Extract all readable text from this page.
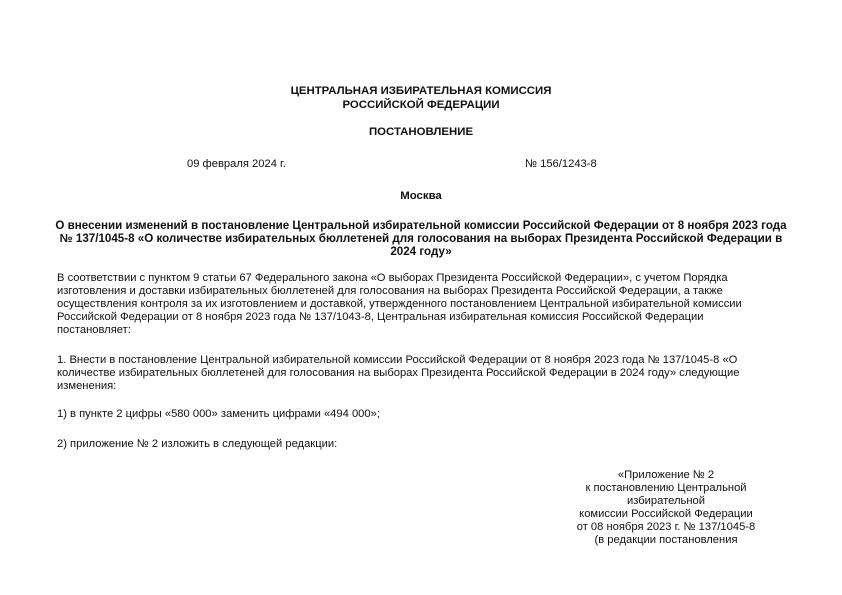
ЦЕНТРАЛЬНАЯ ИЗБИРАТЕЛЬНАЯ КОМИССИЯ
РОССИЙСКОЙ ФЕДЕРАЦИИ
ПОСТАНОВЛЕНИЕ
09 февраля 2024 г.	№ 156/1243-8
Москва
О внесении изменений в постановление Центральной избирательной комиссии Российской Федерации от 8 ноября 2023 года
№ 137/1045-8 «О количестве избирательных бюллетеней для голосования на выборах Президента Российской Федерации в
2024 году»
В соответствии с пунктом 9 статьи 67 Федерального закона «О выборах Президента Российской Федерации», с учетом Порядка изготовления и доставки избирательных бюллетеней для голосования на выборах Президента Российской Федерации, а также осуществления контроля за их изготовлением и доставкой, утвержденного постановлением Центральной избирательной комиссии Российской Федерации от 8 ноября 2023 года № 137/1043-8, Центральная избирательная комиссия Российской Федерации постановляет:
1. Внести в постановление Центральной избирательной комиссии Российской Федерации от 8 ноября 2023 года № 137/1045-8 «О количестве избирательных бюллетеней для голосования на выборах Президента Российской Федерации в 2024 году» следующие изменения:
1) в пункте 2 цифры «580 000» заменить цифрами «494 000»;
2) приложение № 2 изложить в следующей редакции:
«Приложение № 2
к постановлению Центральной
избирательной
комиссии Российской Федерации
от 08 ноября 2023 г. № 137/1045-8
(в редакции постановления
